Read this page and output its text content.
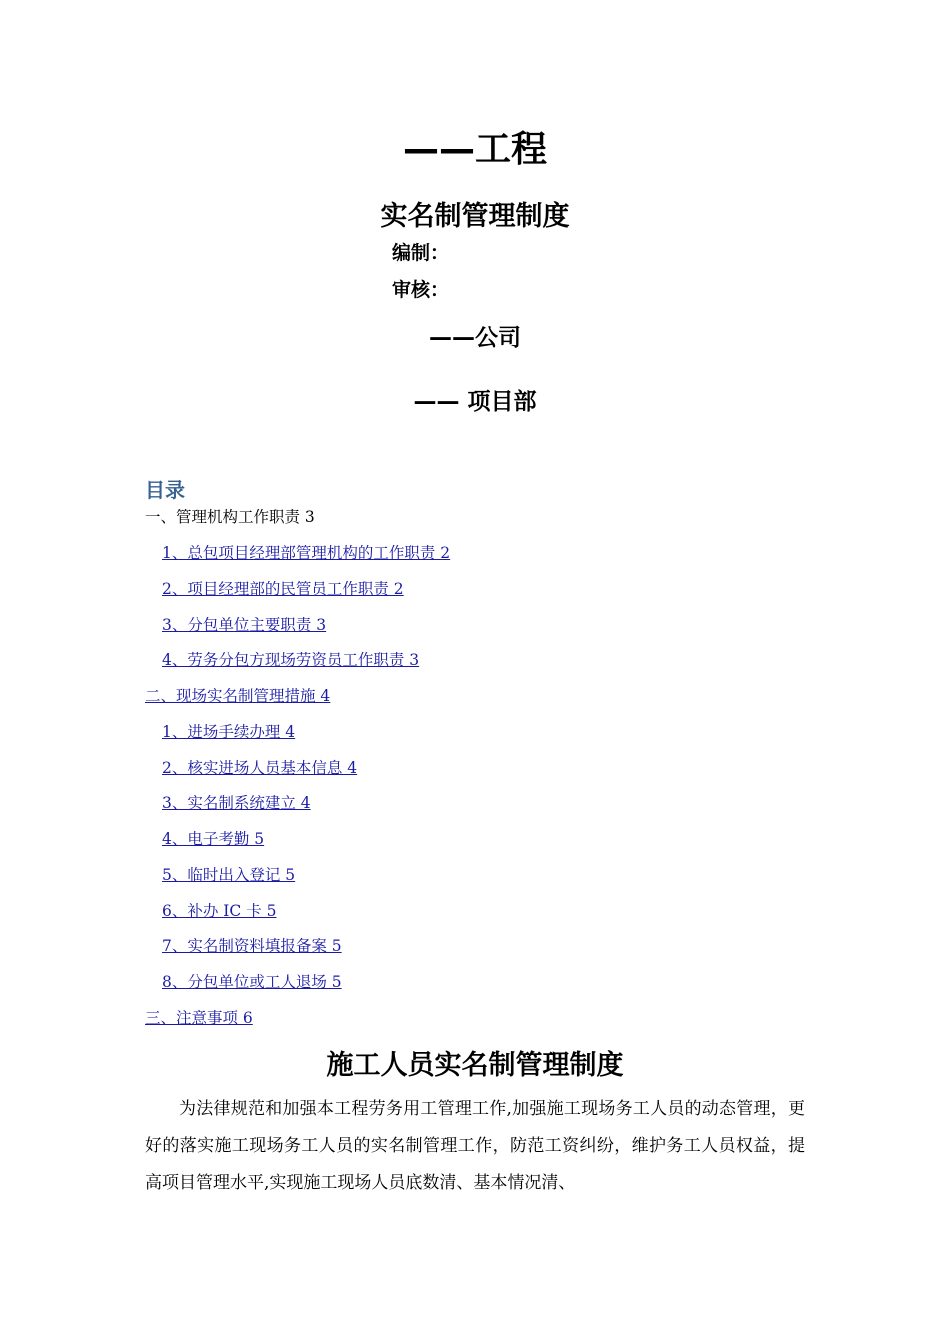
——工程
实名制管理制度
编制：
审核：
——公司
—— 项目部
目录
一、管理机构工作职责 3
1、总包项目经理部管理机构的工作职责 2
2、项目经理部的民管员工作职责 2
3、分包单位主要职责 3
4、劳务分包方现场劳资员工作职责 3
二、现场实名制管理措施 4
1、进场手续办理 4
2、核实进场人员基本信息 4
3、实名制系统建立 4
4、电子考勤 5
5、临时出入登记 5
6、补办 IC 卡 5
7、实名制资料填报备案 5
8、分包单位或工人退场 5
三、注意事项 6
施工人员实名制管理制度

为法律规范和加强本工程劳务用工管理工作,加强施工现场务工人员的动态管理，更好的落实施工现场务工人员的实名制管理工作，防范工资纠纷，维护务工人员权益，提高项目管理水平,实现施工现场人员底数清、基本情况清、
